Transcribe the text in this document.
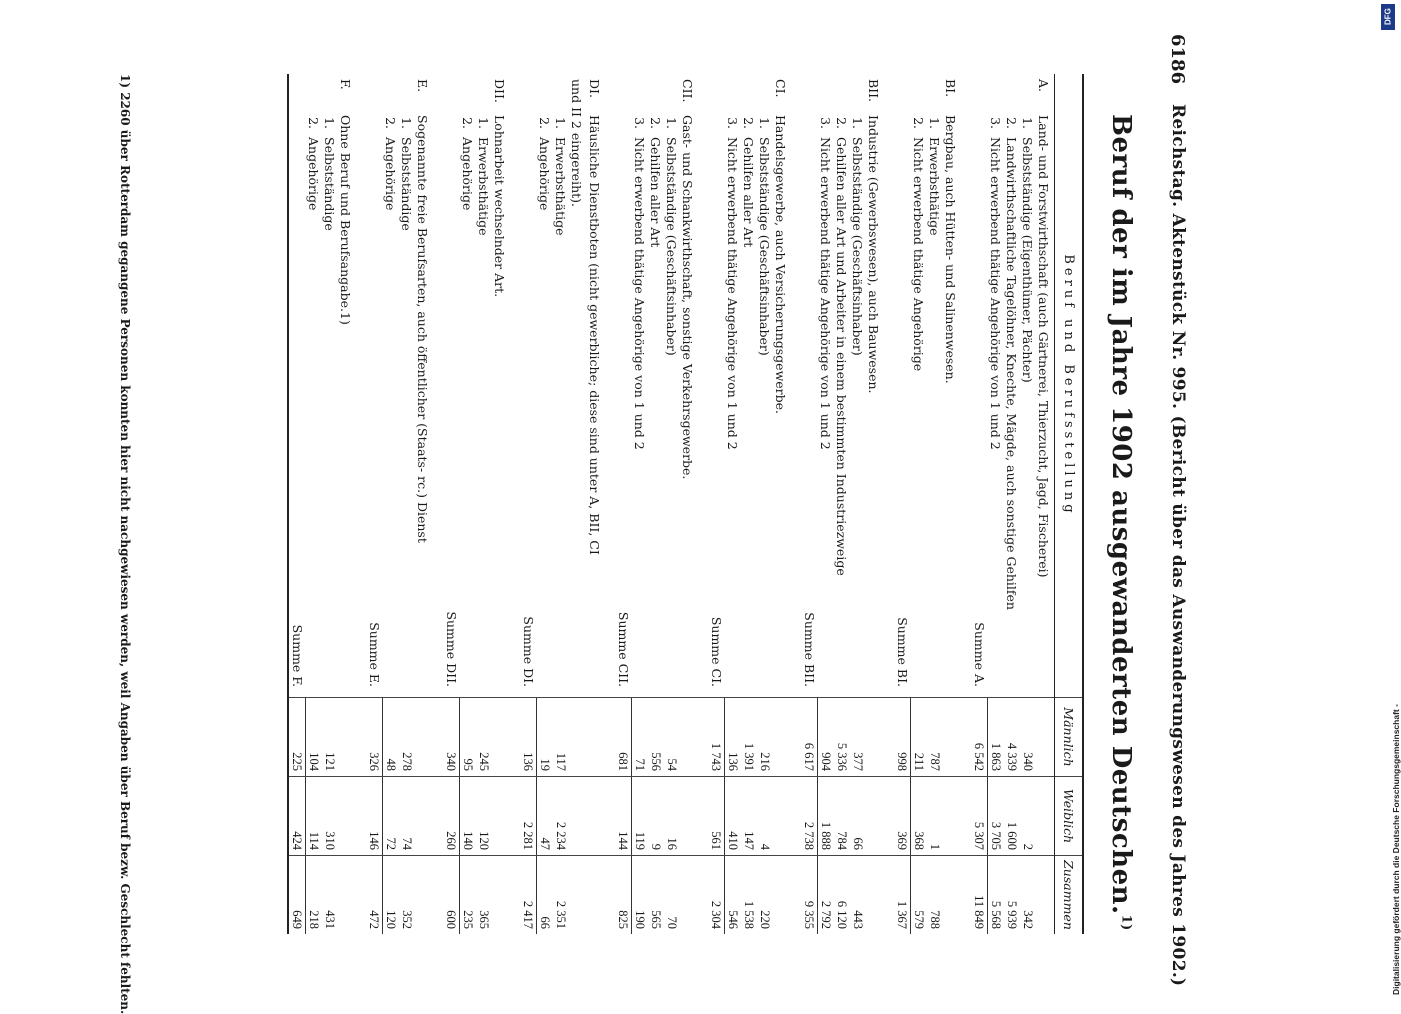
6186
Reichstag. Aktenstück Nr. 995. (Bericht über das Auswanderungswesen des Jahres 1902.)
Beruf der im Jahre 1902 ausgewanderten Deutschen.$^{1)}$
Beruf und Berufsstellung	Männlich	Weiblich	Zusammen
A.Land- und Forstwirthschaft (auch Gärtnerei, Thierzucht, Jagd, Fischerei)			
1.Selbstständige (Eigenthümer, Pächter)	340	2	342
2.Landwirthschaftliche Tagelöhner, Knechte, Mägde, auch sonstige Gehilfen	4 339	1 600	5 939
3.Nicht erwerbend thätige Angehörige von 1 und 2	1 863	3 705	5 568
Summe A.	6 542	5 307	11 849

BI.Bergbau, auch Hütten- und Salinenwesen.			
1.Erwerbsthätige	787	1	788
2.Nicht erwerbend thätige Angehörige	211	368	579
Summe BI.	998	369	1 367

BII.Industrie (Gewerbswesen), auch Bauwesen.			
1.Selbstständige (Geschäftsinhaber)	377	66	443
2.Gehilfen aller Art und Arbeiter in einem bestimmten Industriezweige	5 336	784	6 120
3.Nicht erwerbend thätige Angehörige von 1 und 2	904	1 888	2 792
Summe BII.	6 617	2 738	9 355

CI.Handelsgewerbe, auch Versicherungsgewerbe.			
1.Selbstständige (Geschäftsinhaber)	216	4	220
2.Gehilfen aller Art	1 391	147	1 538
3.Nicht erwerbend thätige Angehörige von 1 und 2	136	410	546
Summe CI.	1 743	561	2 304

CII.Gast- und Schankwirthschaft, sonstige Verkehrsgewerbe.			
1.Selbstständige (Geschäftsinhaber)	54	16	70
2.Gehilfen aller Art	556	9	565
3.Nicht erwerbend thätige Angehörige von 1 und 2	71	119	190
Summe CII.	681	144	825

DI.Häusliche Dienstboten (nicht gewerbliche; diese sind unter A, BII, CI			
und II 2 eingereiht).			
1.Erwerbsthätige	117	2 234	2 351
2.Angehörige	19	47	66
Summe DI.	136	2 281	2 417

DII.Lohnarbeit wechselnder Art.			
1.Erwerbsthätige	245	120	365
2.Angehörige	95	140	235
Summe DII.	340	260	600

E.Sogenannte freie Berufsarten, auch öffentlicher (Staats- rc.) Dienst			
1.Selbstständige	278	74	352
2.Angehörige	48	72	120
Summe E.	326	146	472

F.Ohne Beruf und Berufsangabe.1)			
1.Selbstständige	121	310	431
2.Angehörige	104	114	218
Summe F.	225	424	649
1) 2260 über Rotterdam gegangene Personen konnten hier nicht nachgewiesen werden, weil Angaben über Beruf bezw. Geschlecht fehlten.	Digitalisierung gefördert durch die Deutsche Forschungsgemeinschaft -
DFG
